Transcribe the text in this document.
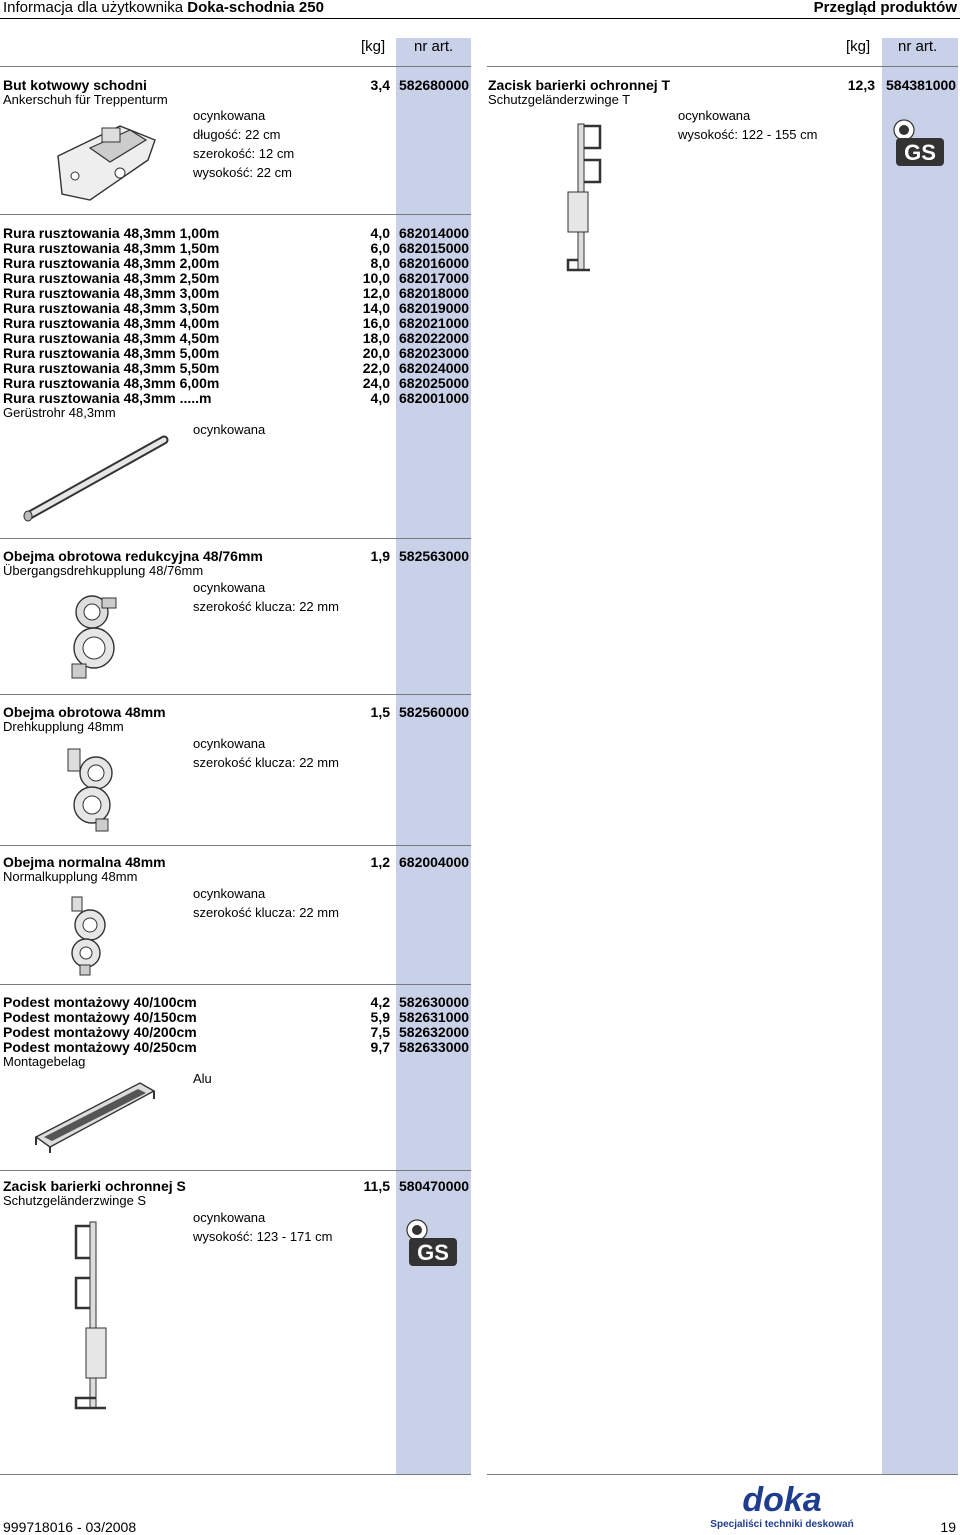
Informacja dla użytkownika Doka-schodnia 250	Przegląd produktów
[kg] nr art.	[kg] nr art.
But kotwowy schodni
Ankerschuh für Treppenturm
3,4 582680000
ocynkowana
długość: 22 cm
szerokość: 12 cm
wysokość: 22 cm
Rura rusztowania 48,3mm 1,00m	4,0 682014000
Rura rusztowania 48,3mm 1,50m	6,0 682015000
Rura rusztowania 48,3mm 2,00m	8,0 682016000
Rura rusztowania 48,3mm 2,50m	10,0 682017000
Rura rusztowania 48,3mm 3,00m	12,0 682018000
Rura rusztowania 48,3mm 3,50m	14,0 682019000
Rura rusztowania 48,3mm 4,00m	16,0 682021000
Rura rusztowania 48,3mm 4,50m	18,0 682022000
Rura rusztowania 48,3mm 5,00m	20,0 682023000
Rura rusztowania 48,3mm 5,50m	22,0 682024000
Rura rusztowania 48,3mm 6,00m	24,0 682025000
Rura rusztowania 48,3mm .....m	4,0 682001000
Gerüstrohr 48,3mm
ocynkowana
Obejma obrotowa redukcyjna 48/76mm
Übergangsdrehkupplung 48/76mm
1,9 582563000
ocynkowana
szerokość klucza: 22 mm
Obejma obrotowa 48mm
Drehkupplung 48mm
1,5 582560000
ocynkowana
szerokość klucza: 22 mm
Obejma normalna 48mm
Normalkupplung 48mm
1,2 682004000
ocynkowana
szerokość klucza: 22 mm
Podest montażowy 40/100cm	4,2 582630000
Podest montażowy 40/150cm	5,9 582631000
Podest montażowy 40/200cm	7,5 582632000
Podest montażowy 40/250cm	9,7 582633000
Montagebelag
Alu
Zacisk barierki ochronnej S
Schutzgeländerzwinge S
11,5 580470000
ocynkowana
wysokość: 123 - 171 cm
GS
Zacisk barierki ochronnej T
Schutzgeländerzwinge T
12,3 584381000
ocynkowana
wysokość: 122 - 155 cm
GS
999718016 - 03/2008
doka
Specjaliści techniki deskowań	19
